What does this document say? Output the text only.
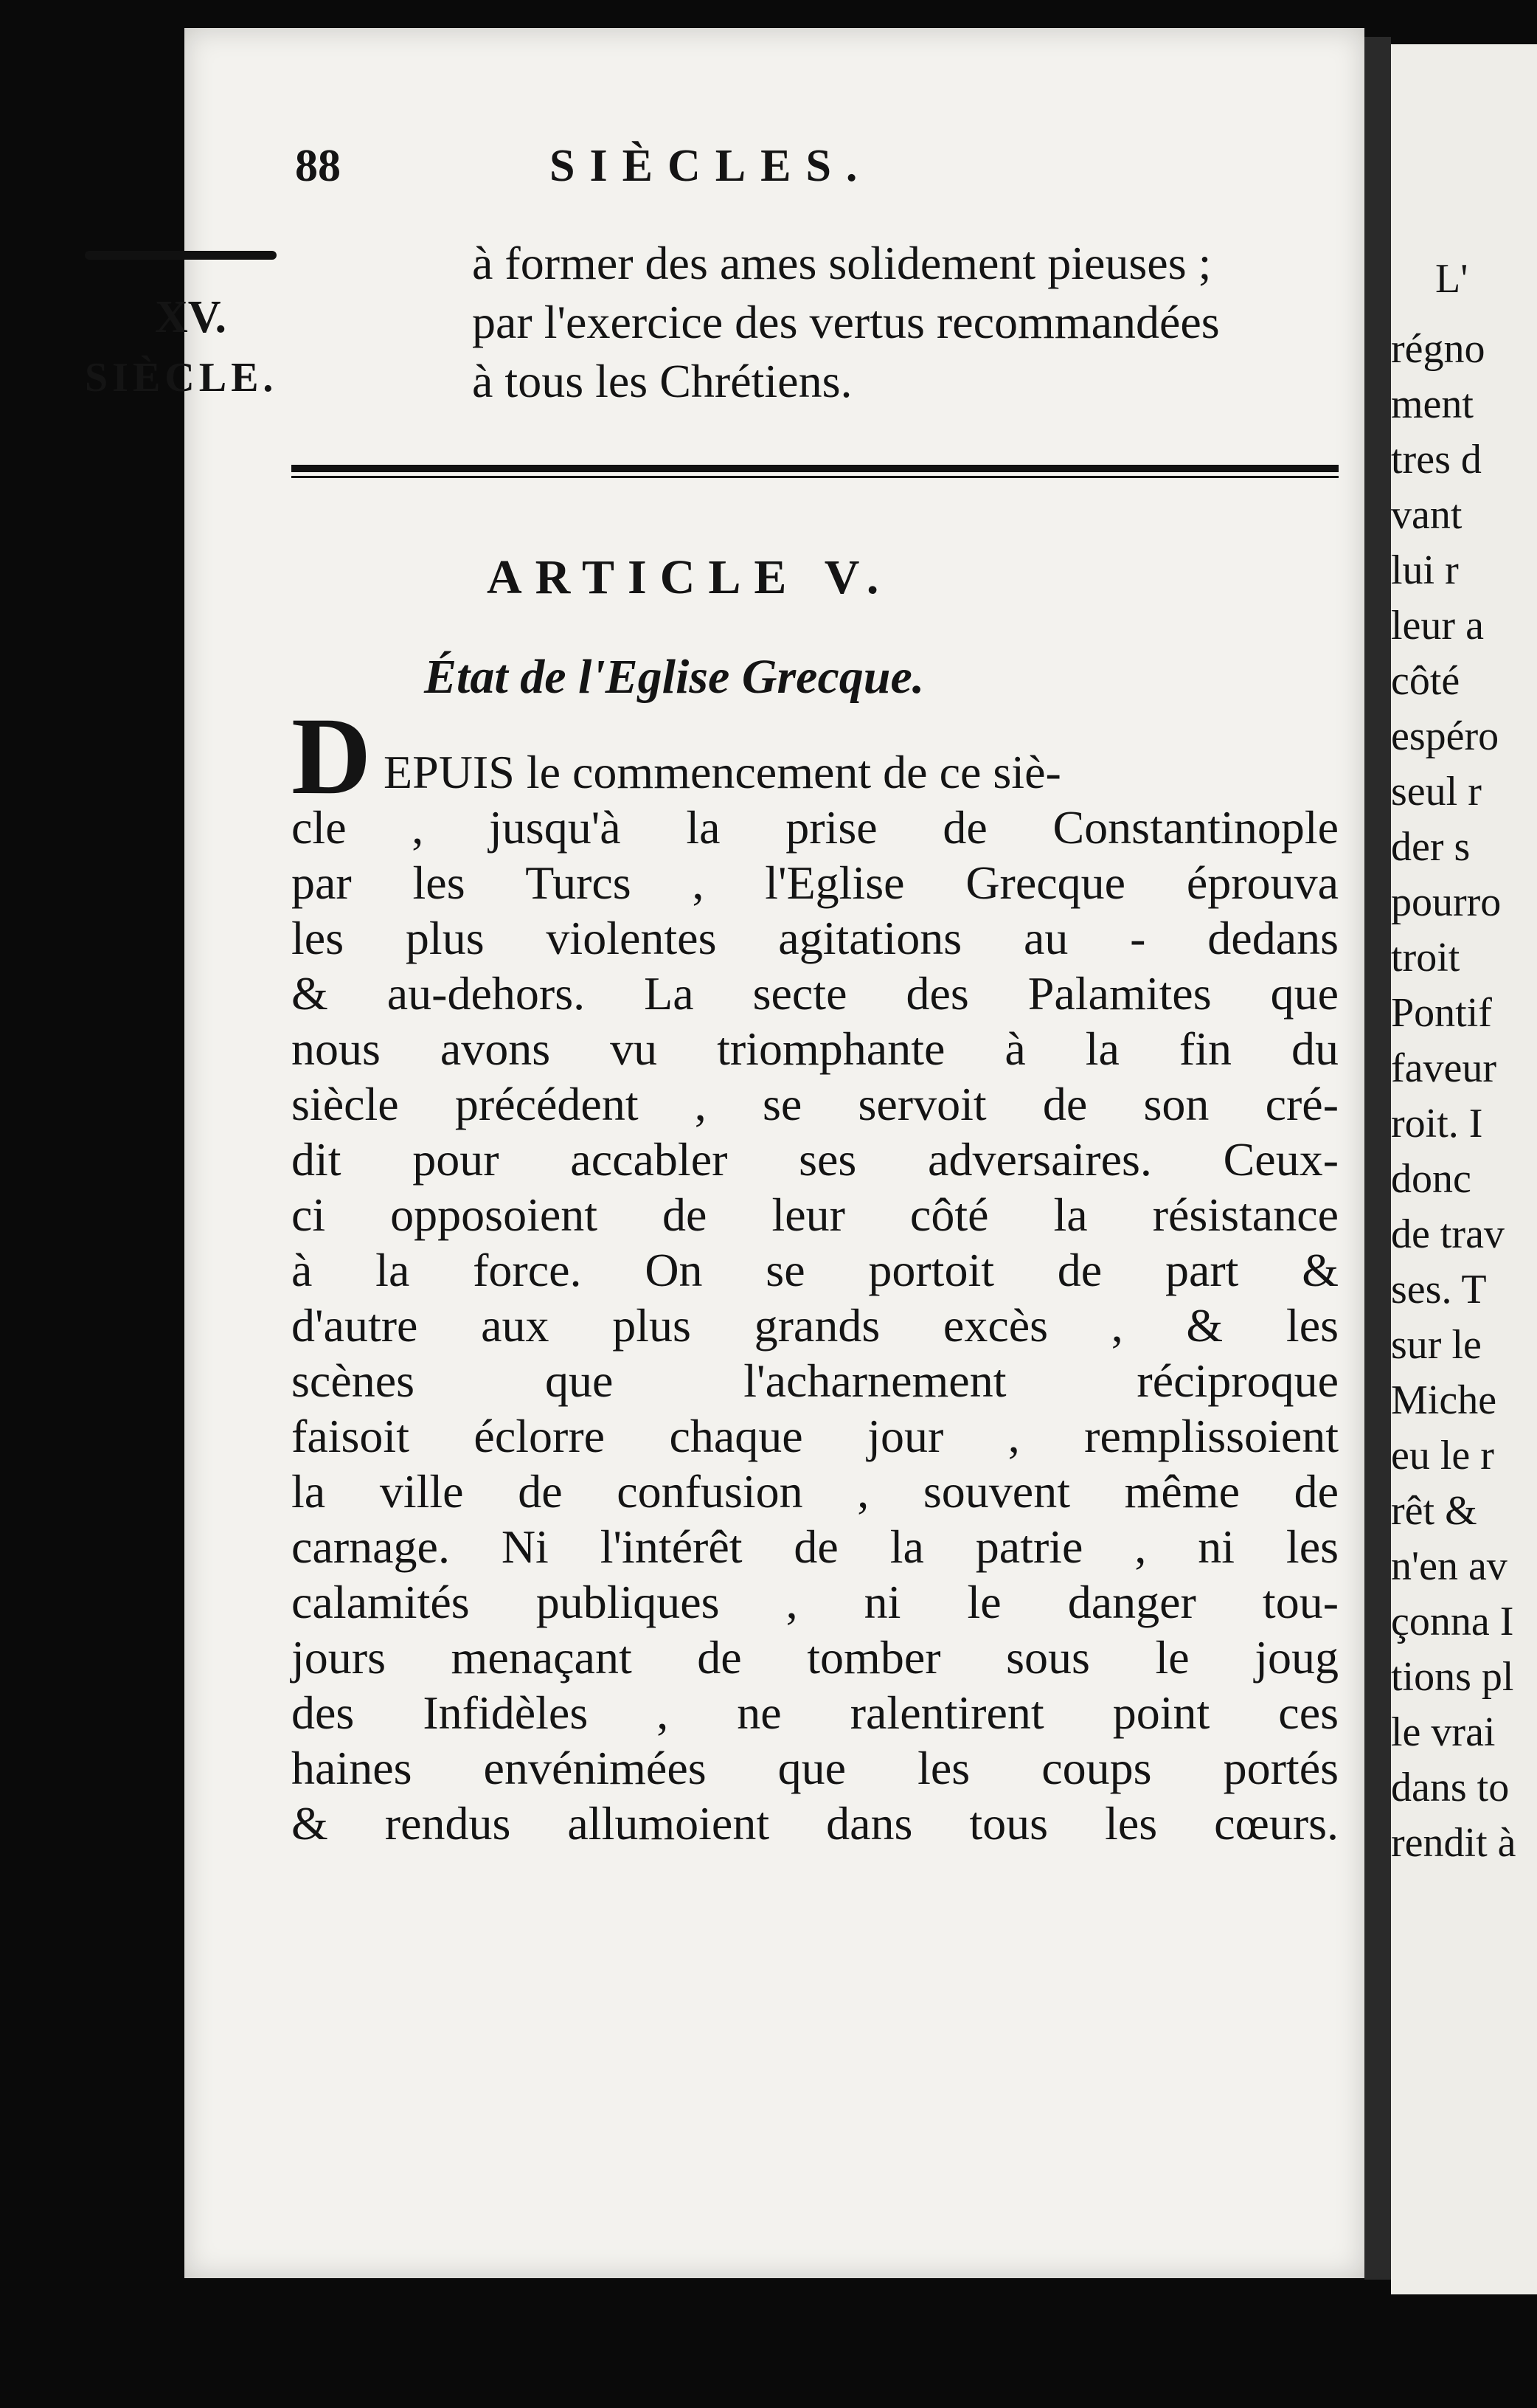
L'
régno
ment
tres d
vant
lui r
leur a
côté
espéro
seul r
der s
pourro
troit
Pontif
faveur
roit. I
donc
de trav
ses. T
sur le
Miche
eu le r
rêt &
n'en av
çonna I
tions pl
le vrai
dans to
rendit à
88	SIÈCLES.
XV.
SIÈCLE.
à former des ames solidement pieuses ;
par l'exercice des vertus recommandées
à tous les Chrétiens.
ARTICLE V.
État de l'Eglise Grecque.
D EPUIS le commencement de ce siè-
cle , jusqu'à la prise de Constantinople
par les Turcs , l'Eglise Grecque éprouva
les plus violentes agitations au - dedans
& au-dehors. La secte des Palamites que
nous avons vu triomphante à la fin du
siècle précédent , se servoit de son cré-
dit pour accabler ses adversaires. Ceux-
ci opposoient de leur côté la résistance
à la force. On se portoit de part &
d'autre aux plus grands excès , & les
scènes que l'acharnement réciproque
faisoit éclorre chaque jour , remplissoient
la ville de confusion , souvent même de
carnage. Ni l'intérêt de la patrie , ni les
calamités publiques , ni le danger tou-
jours menaçant de tomber sous le joug
des Infidèles , ne ralentirent point ces
haines envénimées que les coups portés
& rendus allumoient dans tous les cœurs.
